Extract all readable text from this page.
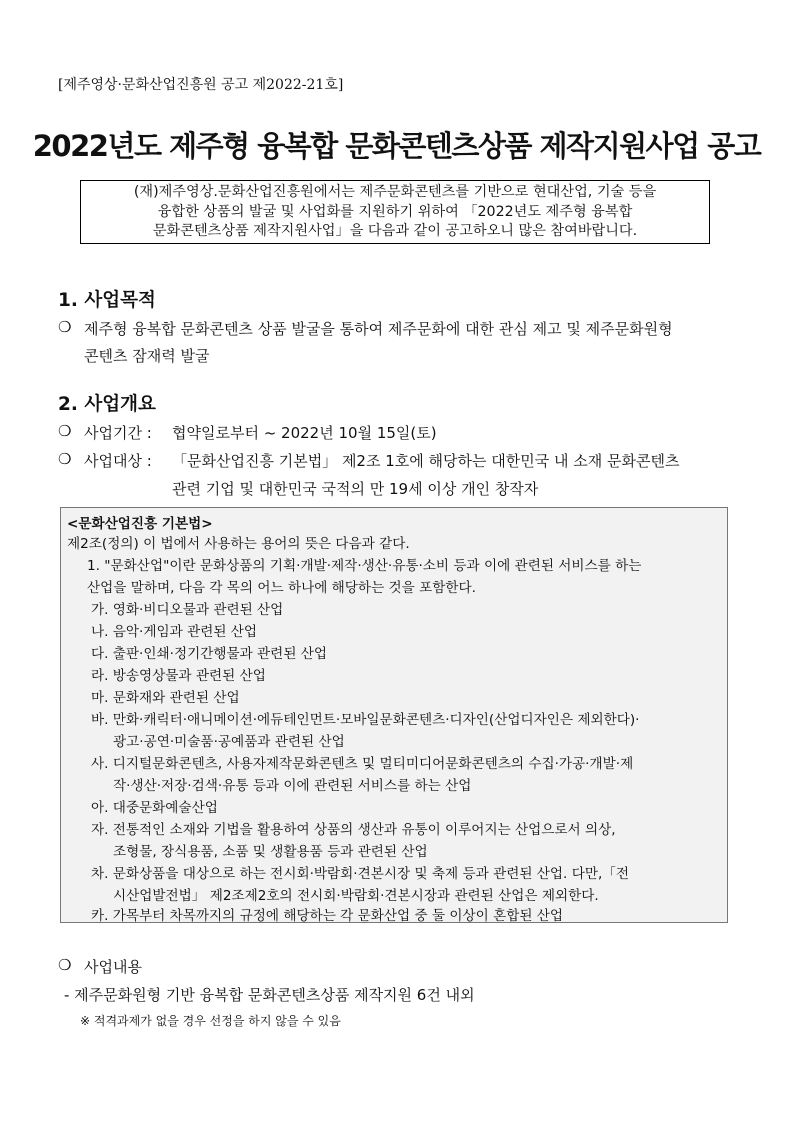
[제주영상·문화산업진흥원 공고 제2022-21호]
2022년도 제주형 융복합 문화콘텐츠상품 제작지원사업 공고
(재)제주영상.문화산업진흥원에서는 제주문화콘텐츠를 기반으로 현대산업, 기술 등을
융합한 상품의 발굴 및 사업화를 지원하기 위하여 「2022년도 제주형 융복합
문화콘텐츠상품 제작지원사업」을 다음과 같이 공고하오니 많은 참여바랍니다.
1. 사업목적
❍ 제주형 융복합 문화콘텐츠 상품 발굴을 통하여 제주문화에 대한 관심 제고 및 제주문화원형
콘텐츠 잠재력 발굴
2. 사업개요
❍ 사업기간 : 협약일로부터 ~ 2022년 10월 15일(토)
❍ 사업대상 : 「문화산업진흥 기본법」 제2조 1호에 해당하는 대한민국 내 소재 문화콘텐츠
관련 기업 및 대한민국 국적의 만 19세 이상 개인 창작자
<문화산업진흥 기본법>
제2조(정의) 이 법에서 사용하는 용어의 뜻은 다음과 같다.
1. "문화산업"이란 문화상품의 기획·개발·제작·생산·유통·소비 등과 이에 관련된 서비스를 하는
산업을 말하며, 다음 각 목의 어느 하나에 해당하는 것을 포함한다.
가. 영화·비디오물과 관련된 산업
나. 음악·게임과 관련된 산업
다. 출판·인쇄·정기간행물과 관련된 산업
라. 방송영상물과 관련된 산업
마. 문화재와 관련된 산업
바. 만화·캐릭터·애니메이션·에듀테인먼트·모바일문화콘텐츠·디자인(산업디자인은 제외한다)·
광고·공연·미술품·공예품과 관련된 산업
사. 디지털문화콘텐츠, 사용자제작문화콘텐츠 및 멀티미디어문화콘텐츠의 수집·가공·개발·제
작·생산·저장·검색·유통 등과 이에 관련된 서비스를 하는 산업
아. 대중문화예술산업
자. 전통적인 소재와 기법을 활용하여 상품의 생산과 유통이 이루어지는 산업으로서 의상,
조형물, 장식용품, 소품 및 생활용품 등과 관련된 산업
차. 문화상품을 대상으로 하는 전시회·박람회·견본시장 및 축제 등과 관련된 산업. 다만,「전
시산업발전법」 제2조제2호의 전시회·박람회·견본시장과 관련된 산업은 제외한다.
카. 가목부터 차목까지의 규정에 해당하는 각 문화산업 중 둘 이상이 혼합된 산업
❍ 사업내용
- 제주문화원형 기반 융복합 문화콘텐츠상품 제작지원 6건 내외
※ 적격과제가 없을 경우 선정을 하지 않을 수 있음
